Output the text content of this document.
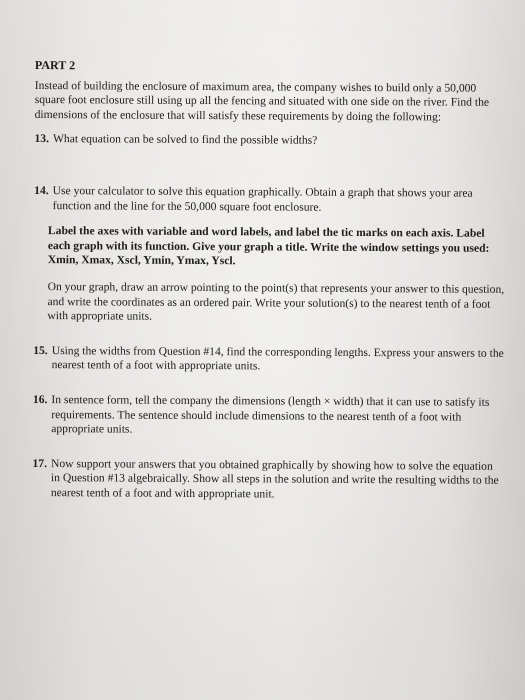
PART 2

Instead of building the enclosure of maximum area, the company wishes to build only a 50,000 square foot enclosure still using up all the fencing and situated with one side on the river. Find the dimensions of the enclosure that will satisfy these requirements by doing the following:

13. What equation can be solved to find the possible widths?
14. Use your calculator to solve this equation graphically. Obtain a graph that shows your area function and the line for the 50,000 square foot enclosure.

Label the axes with variable and word labels, and label the tic marks on each axis. Label each graph with its function. Give your graph a title. Write the window settings you used: Xmin, Xmax, Xscl, Ymin, Ymax, Yscl.

On your graph, draw an arrow pointing to the point(s) that represents your answer to this question, and write the coordinates as an ordered pair. Write your solution(s) to the nearest tenth of a foot with appropriate units.

15. Using the widths from Question #14, find the corresponding lengths. Express your answers to the nearest tenth of a foot with appropriate units.
16. In sentence form, tell the company the dimensions (length × width) that it can use to satisfy its requirements. The sentence should include dimensions to the nearest tenth of a foot with appropriate units.
17. Now support your answers that you obtained graphically by showing how to solve the equation in Question #13 algebraically. Show all steps in the solution and write the resulting widths to the nearest tenth of a foot and with appropriate unit.
